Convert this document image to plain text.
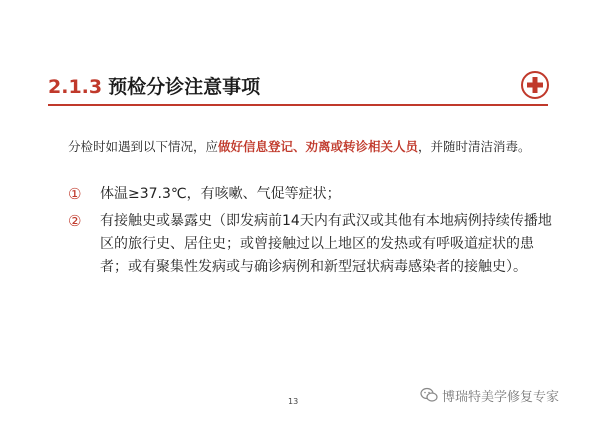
2.1.3 预检分诊注意事项
分检时如遇到以下情况，应做好信息登记、劝离或转诊相关人员，并随时清洁消毒。
① 体温≥37.3℃，有咳嗽、气促等症状；
② 有接触史或暴露史（即发病前14天内有武汉或其他有本地病例持续传播地区的旅行史、居住史；或曾接触过以上地区的发热或有呼吸道症状的患者；或有聚集性发病或与确诊病例和新型冠状病毒感染者的接触史）。
13	博瑞特美学修复专家
